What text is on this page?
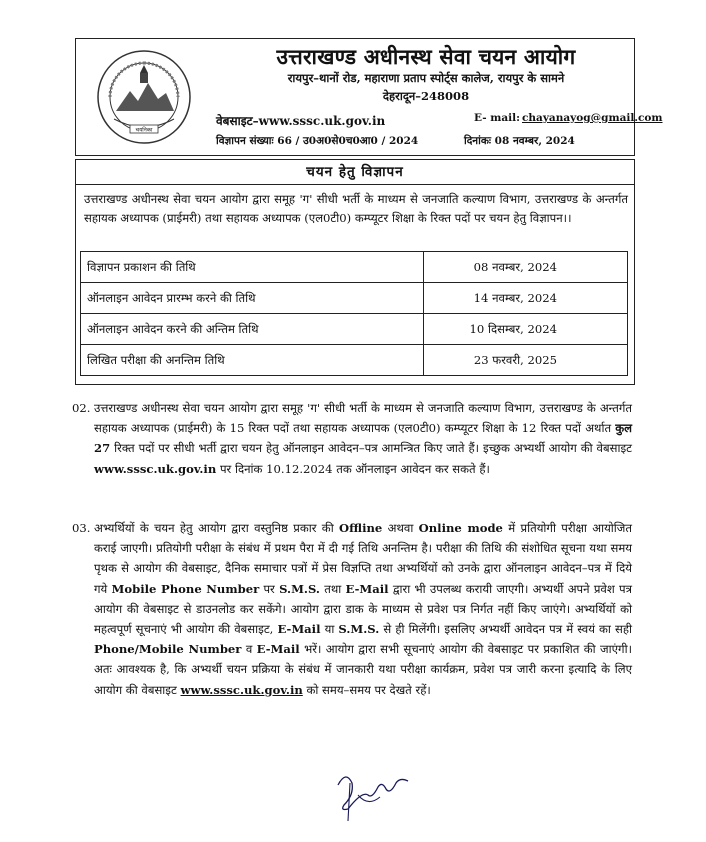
चयनिका
उत्तराखण्ड अधीनस्थ सेवा चयन आयोग
रायपुर–थानों रोड, महाराणा प्रताप स्पोर्ट्स कालेज, रायपुर के सामने
देहरादून–248008
वेबसाइट–www.sssc.uk.gov.in	E- mail: chayanayog@gmail.com
विज्ञापन संख्याः 66 / उ0अ0से0च0आ0 / 2024	दिनांकः 08 नवम्बर, 2024
चयन हेतु विज्ञापन
उत्तराखण्ड अधीनस्थ सेवा चयन आयोग द्वारा समूह 'ग' सीधी भर्ती के माध्यम से जनजाति कल्याण विभाग, उत्तराखण्ड के अन्तर्गत सहायक अध्यापक (प्राईमरी) तथा सहायक अध्यापक (एल0टी0) कम्प्यूटर शिक्षा के रिक्त पदों पर चयन हेतु विज्ञापन।।
विज्ञापन प्रकाशन की तिथि	08 नवम्बर, 2024
ऑनलाइन आवेदन प्रारम्भ करने की तिथि	14 नवम्बर, 2024
ऑनलाइन आवेदन करने की अन्तिम तिथि	10 दिसम्बर, 2024
लिखित परीक्षा की अनन्तिम तिथि	23 फरवरी, 2025
02. उत्तराखण्ड अधीनस्थ सेवा चयन आयोग द्वारा समूह 'ग' सीधी भर्ती के माध्यम से जनजाति कल्याण विभाग, उत्तराखण्ड के अन्तर्गत सहायक अध्यापक (प्राईमरी) के 15 रिक्त पदों तथा सहायक अध्यापक (एल0टी0) कम्प्यूटर शिक्षा के 12 रिक्त पदों अर्थात कुल 27 रिक्त पदों पर सीधी भर्ती द्वारा चयन हेतु ऑनलाइन आवेदन–पत्र आमन्त्रित किए जाते हैं। इच्छुक अभ्यर्थी आयोग की वेबसाइट www.sssc.uk.gov.in पर दिनांक 10.12.2024 तक ऑनलाइन आवेदन कर सकते हैं।
03. अभ्यर्थियों के चयन हेतु आयोग द्वारा वस्तुनिष्ठ प्रकार की Offline अथवा Online mode में प्रतियोगी परीक्षा आयोजित कराई जाएगी। प्रतियोगी परीक्षा के संबंध में प्रथम पैरा में दी गई तिथि अनन्तिम है। परीक्षा की तिथि की संशोधित सूचना यथा समय पृथक से आयोग की वेबसाइट, दैनिक समाचार पत्रों में प्रेस विज्ञप्ति तथा अभ्यर्थियों को उनके द्वारा ऑनलाइन आवेदन–पत्र में दिये गये Mobile Phone Number पर S.M.S. तथा E-Mail द्वारा भी उपलब्ध करायी जाएगी। अभ्यर्थी अपने प्रवेश पत्र आयोग की वेबसाइट से डाउनलोड कर सकेंगे। आयोग द्वारा डाक के माध्यम से प्रवेश पत्र निर्गत नहीं किए जाएंगे। अभ्यर्थियों को महत्वपूर्ण सूचनाएं भी आयोग की वेबसाइट, E-Mail या S.M.S. से ही मिलेंगी। इसलिए अभ्यर्थी आवेदन पत्र में स्वयं का सही Phone/Mobile Number व E-Mail भरें। आयोग द्वारा सभी सूचनाएं आयोग की वेबसाइट पर प्रकाशित की जाएंगी। अतः आवश्यक है, कि अभ्यर्थी चयन प्रक्रिया के संबंध में जानकारी यथा परीक्षा कार्यक्रम, प्रवेश पत्र जारी करना इत्यादि के लिए आयोग की वेबसाइट www.sssc.uk.gov.in को समय–समय पर देखते रहें।
